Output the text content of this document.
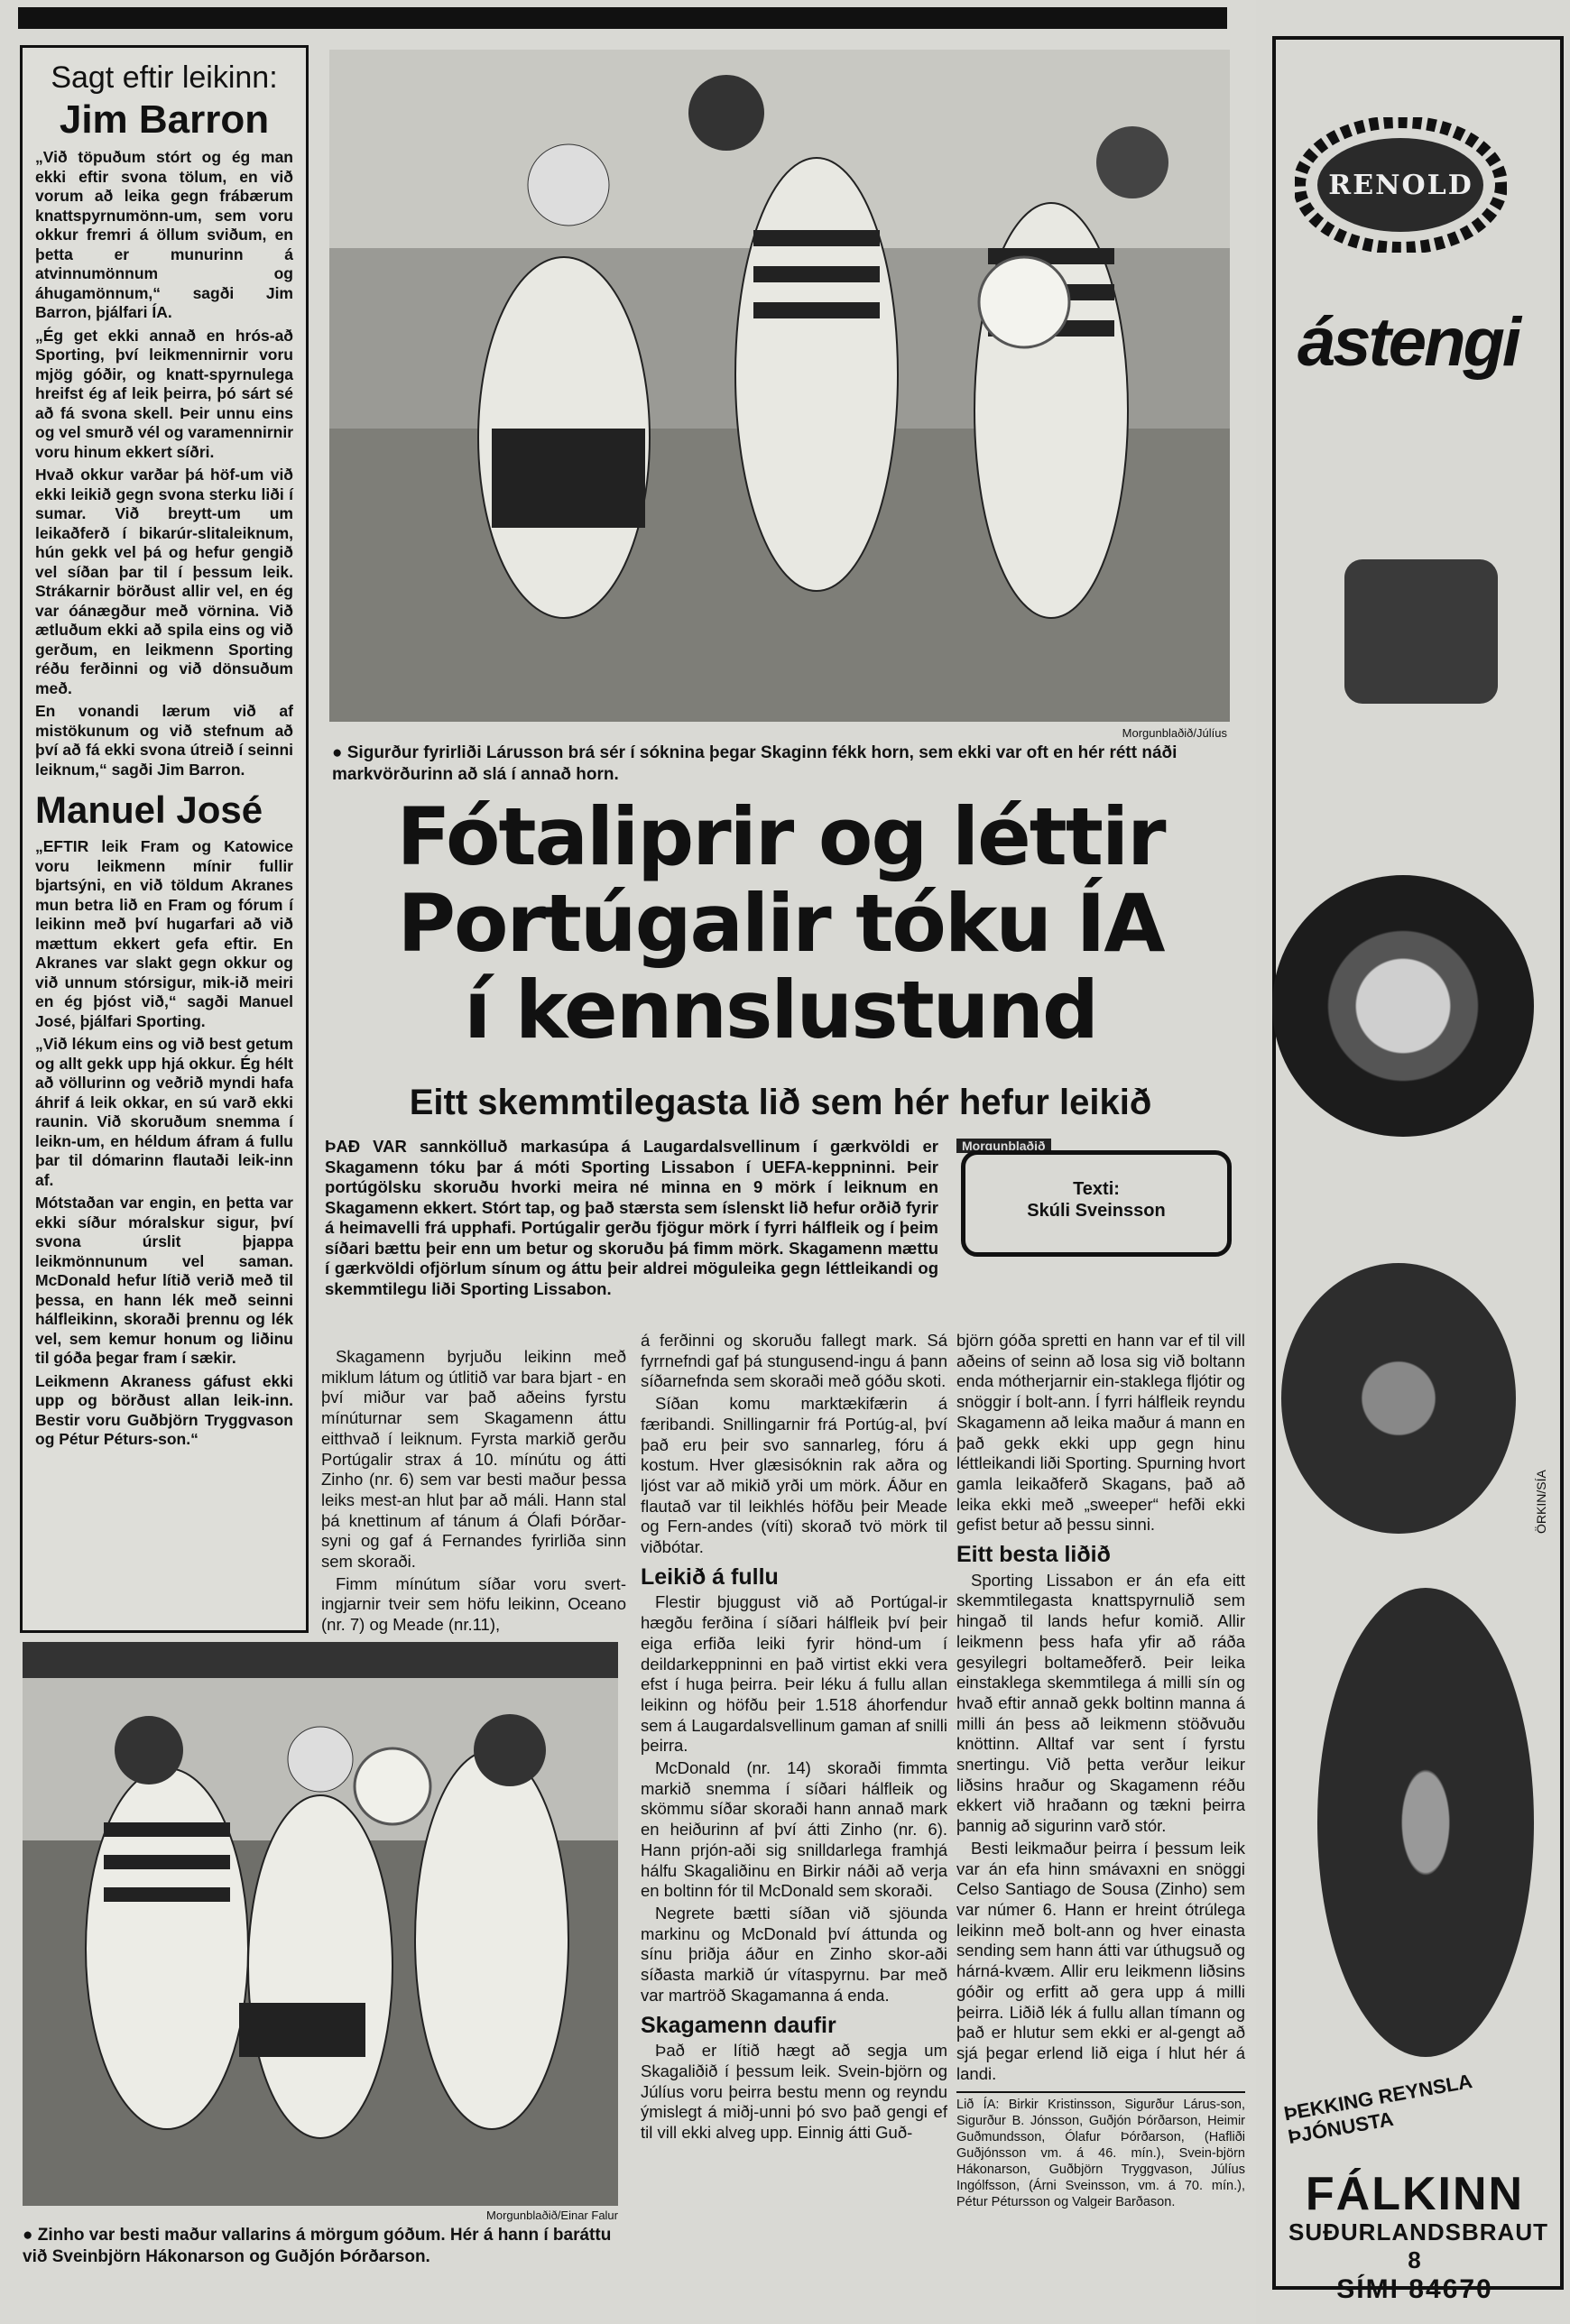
Sagt eftir leikinn:
Jim Barron

„Við töpuðum stórt og ég man ekki eftir svona tölum, en við vorum að leika gegn frábærum knattspyrnumönn-um, sem voru okkur fremri á öllum sviðum, en þetta er munurinn á atvinnumönnum og áhugamönnum,“ sagði Jim Barron, þjálfari ÍA.

„Ég get ekki annað en hrós-að Sporting, því leikmennirnir voru mjög góðir, og knatt-spyrnulega hreifst ég af leik þeirra, þó sárt sé að fá svona skell. Þeir unnu eins og vel smurð vél og varamennirnir voru hinum ekkert síðri.

Hvað okkur varðar þá höf-um við ekki leikið gegn svona sterku liði í sumar. Við breytt-um um leikaðferð í bikarúr-slitaleiknum, hún gekk vel þá og hefur gengið vel síðan þar til í þessum leik. Strákarnir börðust allir vel, en ég var óánægður með vörnina. Við ætluðum ekki að spila eins og við gerðum, en leikmenn Sporting réðu ferðinni og við dönsuðum með.

En vonandi lærum við af mistökunum og við stefnum að því að fá ekki svona útreið í seinni leiknum,“ sagði Jim Barron.

Manuel José

„EFTIR leik Fram og Katowice voru leikmenn mínir fullir bjartsýni, en við töldum Akranes mun betra lið en Fram og fórum í leikinn með því hugarfari að við mættum ekkert gefa eftir. En Akranes var slakt gegn okkur og við unnum stórsigur, mik-ið meiri en ég þjóst við,“ sagði Manuel José, þjálfari Sporting.

„Við lékum eins og við best getum og allt gekk upp hjá okkur. Ég hélt að völlurinn og veðrið myndi hafa áhrif á leik okkar, en sú varð ekki raunin. Við skoruðum snemma í leikn-um, en héldum áfram á fullu þar til dómarinn flautaði leik-inn af.

Mótstaðan var engin, en þetta var ekki síður móralskur sigur, því svona úrslit þjappa leikmönnunum vel saman. McDonald hefur lítið verið með til þessa, en hann lék með seinni hálfleikinn, skoraði þrennu og lék vel, sem kemur honum og liðinu til góða þegar fram í sækir.

Leikmenn Akraness gáfust ekki upp og börðust allan leik-inn. Bestir voru Guðbjörn Tryggvason og Pétur Péturs-son.“

Morgunblaðið/Júlíus
● Sigurður fyrirliði Lárusson brá sér í sóknina þegar Skaginn fékk horn, sem ekki var oft en hér rétt náði markvörðurinn að slá í annað horn.
Fótaliprir og léttir
Portúgalir tóku ÍA
í kennslustund
Eitt skemmtilegasta lið sem hér hefur leikið
ÞAÐ VAR sannkölluð markasúpa á Laugardalsvellinum í gærkvöldi er Skagamenn tóku þar á móti Sporting Lissabon í UEFA-keppninni. Þeir portúgölsku skoruðu hvorki meira né minna en 9 mörk í leiknum en Skagamenn ekkert. Stórt tap, og það stærsta sem íslenskt lið hefur orðið fyrir á heimavelli frá upphafi. Portúgalir gerðu fjögur mörk í fyrri hálfleik og í þeim síðari bættu þeir enn um betur og skoruðu þá fimm mörk. Skagamenn mættu í gærkvöldi ofjörlum sínum og áttu þeir aldrei möguleika gegn léttleikandi og skemmtilegu liði Sporting Lissabon.
Morgunblaðið
Texti:
Skúli Sveinsson

Skagamenn byrjuðu leikinn með miklum látum og útlitið var bara bjart - en því miður var það aðeins fyrstu mínúturnar sem Skagamenn áttu eitthvað í leiknum. Fyrsta markið gerðu Portúgalir strax á 10. mínútu og átti Zinho (nr. 6) sem var besti maður þessa leiks mest-an hlut þar að máli. Hann stal þá knettinum af tánum á Ólafi Þórðar-syni og gaf á Fernandes fyrirliða sinn sem skoraði.

Fimm mínútum síðar voru svert-ingjarnir tveir sem höfu leikinn, Oceano (nr. 7) og Meade (nr.11),

á ferðinni og skoruðu fallegt mark. Sá fyrrnefndi gaf þá stungusend-ingu á þann síðarnefnda sem skoraði með góðu skoti.

Síðan komu marktækifærin á færibandi. Snillingarnir frá Portúg-al, því það eru þeir svo sannarleg, fóru á kostum. Hver glæsisóknin rak aðra og ljóst var að mikið yrði um mörk. Áður en flautað var til leikhlés höfðu þeir Meade og Fern-andes (víti) skorað tvö mörk til viðbótar.

Leikið á fullu

Flestir bjuggust við að Portúgal-ir hægðu ferðina í síðari hálfleik því þeir eiga erfiða leiki fyrir hönd-um í deildarkeppninni en það virtist ekki vera efst í huga þeirra. Þeir léku á fullu allan leikinn og höfðu þeir 1.518 áhorfendur sem á Laugardalsvellinum gaman af snilli þeirra.

McDonald (nr. 14) skoraði fimmta markið snemma í síðari hálfleik og skömmu síðar skoraði hann annað mark en heiðurinn af því átti Zinho (nr. 6). Hann prjón-aði sig snilldarlega framhjá hálfu Skagaliðinu en Birkir náði að verja en boltinn fór til McDonald sem skoraði.

Negrete bætti síðan við sjöunda markinu og McDonald því áttunda og sínu þriðja áður en Zinho skor-aði síðasta markið úr vítaspyrnu. Þar með var martröð Skagamanna á enda.

Skagamenn daufir

Það er lítið hægt að segja um Skagaliðið í þessum leik. Svein-björn og Júlíus voru þeirra bestu menn og reyndu ýmislegt á miðj-unni þó svo það gengi ef til vill ekki alveg upp. Einnig átti Guð-

björn góða spretti en hann var ef til vill aðeins of seinn að losa sig við boltann enda mótherjarnir ein-staklega fljótir og snöggir í bolt-ann. Í fyrri hálfleik reyndu Skagamenn að leika maður á mann en það gekk ekki upp gegn hinu léttleikandi liði Sporting. Spurning hvort gamla leikaðferð Skagans, það að leika ekki með „sweeper“ hefði ekki gefist betur að þessu sinni.

Eitt besta liðið

Sporting Lissabon er án efa eitt skemmtilegasta knattspyrnulið sem hingað til lands hefur komið. Allir leikmenn þess hafa yfir að ráða gesyilegri boltameðferð. Þeir leika einstaklega skemmtilega á milli sín og hvað eftir annað gekk boltinn manna á milli án þess að leikmenn stöðvuðu knöttinn. Alltaf var sent í fyrstu snertingu. Við þetta verður leikur liðsins hraður og Skagamenn réðu ekkert við hraðann og tækni þeirra þannig að sigurinn varð stór.

Besti leikmaður þeirra í þessum leik var án efa hinn smávaxni en snöggi Celso Santiago de Sousa (Zinho) sem var númer 6. Hann er hreint ótrúlega leikinn með bolt-ann og hver einasta sending sem hann átti var úthugsuð og hárná-kvæm. Allir eru leikmenn liðsins góðir og erfitt að gera upp á milli þeirra. Liðið lék á fullu allan tímann og það er hlutur sem ekki er al-gengt að sjá þegar erlend lið eiga í hlut hér á landi.

Lið ÍA: Birkir Kristinsson, Sigurður Lárus-son, Sigurður B. Jónsson, Guðjón Þórðarson, Heimir Guðmundsson, Ólafur Þórðarson, (Hafliði Guðjónsson vm. á 46. mín.), Svein-björn Hákonarson, Guðbjörn Tryggvason, Júlíus Ingólfsson, (Árni Sveinsson, vm. á 70. mín.), Pétur Pétursson og Valgeir Barðason.
Morgunblaðið/Einar Falur
● Zinho var besti maður vallarins á mörgum góðum. Hér á hann í baráttu við Sveinbjörn Hákonarson og Guðjón Þórðarson.
RENOLD
ástengi
ÖRKIN/SÍA
ÞEKKING REYNSLA ÞJÓNUSTA
FÁLKINN
SUÐURLANDSBRAUT 8
SÍMI 84670
